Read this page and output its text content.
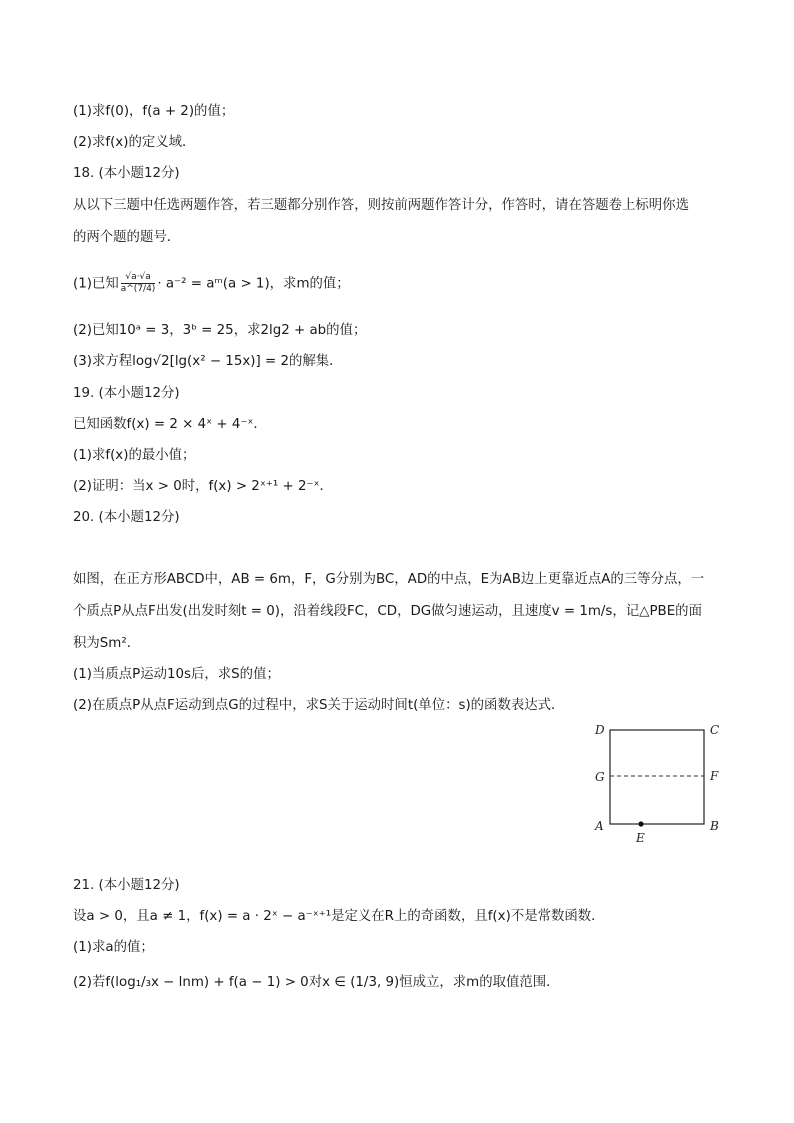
(1)求f(0)，f(a + 2)的值；
(2)求f(x)的定义域．
18. (本小题12分)
从以下三题中任选两题作答，若三题都分别作答，则按前两题作答计分，作答时，请在答题卷上标明你选
的两个题的题号．
(1)已知 $\frac{√a\cdot√a}{a\^{}(7/4)} \cdot a^{-2}$ = aᵐ(a > 1)，求m的值；
(2)已知10ᵃ = 3，3ᵇ = 25，求2lg2 + ab的值；
(3)求方程log√2[lg(x² − 15x)] = 2的解集．
19. (本小题12分)
已知函数f(x) = 2 × 4ˣ + 4⁻ˣ．
(1)求f(x)的最小值；
(2)证明：当x > 0时，f(x) > 2ˣ⁺¹ + 2⁻ˣ．
20. (本小题12分)
如图，在正方形ABCD中，AB = 6m，F，G分别为BC，AD的中点，E为AB边上更靠近点A的三等分点，一
个质点P从点F出发(出发时刻t = 0)，沿着线段FC，CD，DG做匀速运动，且速度v = 1m/s，记△PBE的面
积为Sm²．
(1)当质点P运动10s后，求S的值；
(2)在质点P从点F运动到点G的过程中，求S关于运动时间t(单位：s)的函数表达式．
D	C
G	F
A	B
E
21. (本小题12分)
设a > 0，且a ≠ 1，f(x) = a · 2ˣ − a⁻ˣ⁺¹是定义在R上的奇函数，且f(x)不是常数函数．
(1)求a的值；
(2)若f(log₁/₃x − lnm) + f(a − 1) > 0对x ∈ (1/3, 9)恒成立，求m的取值范围．
